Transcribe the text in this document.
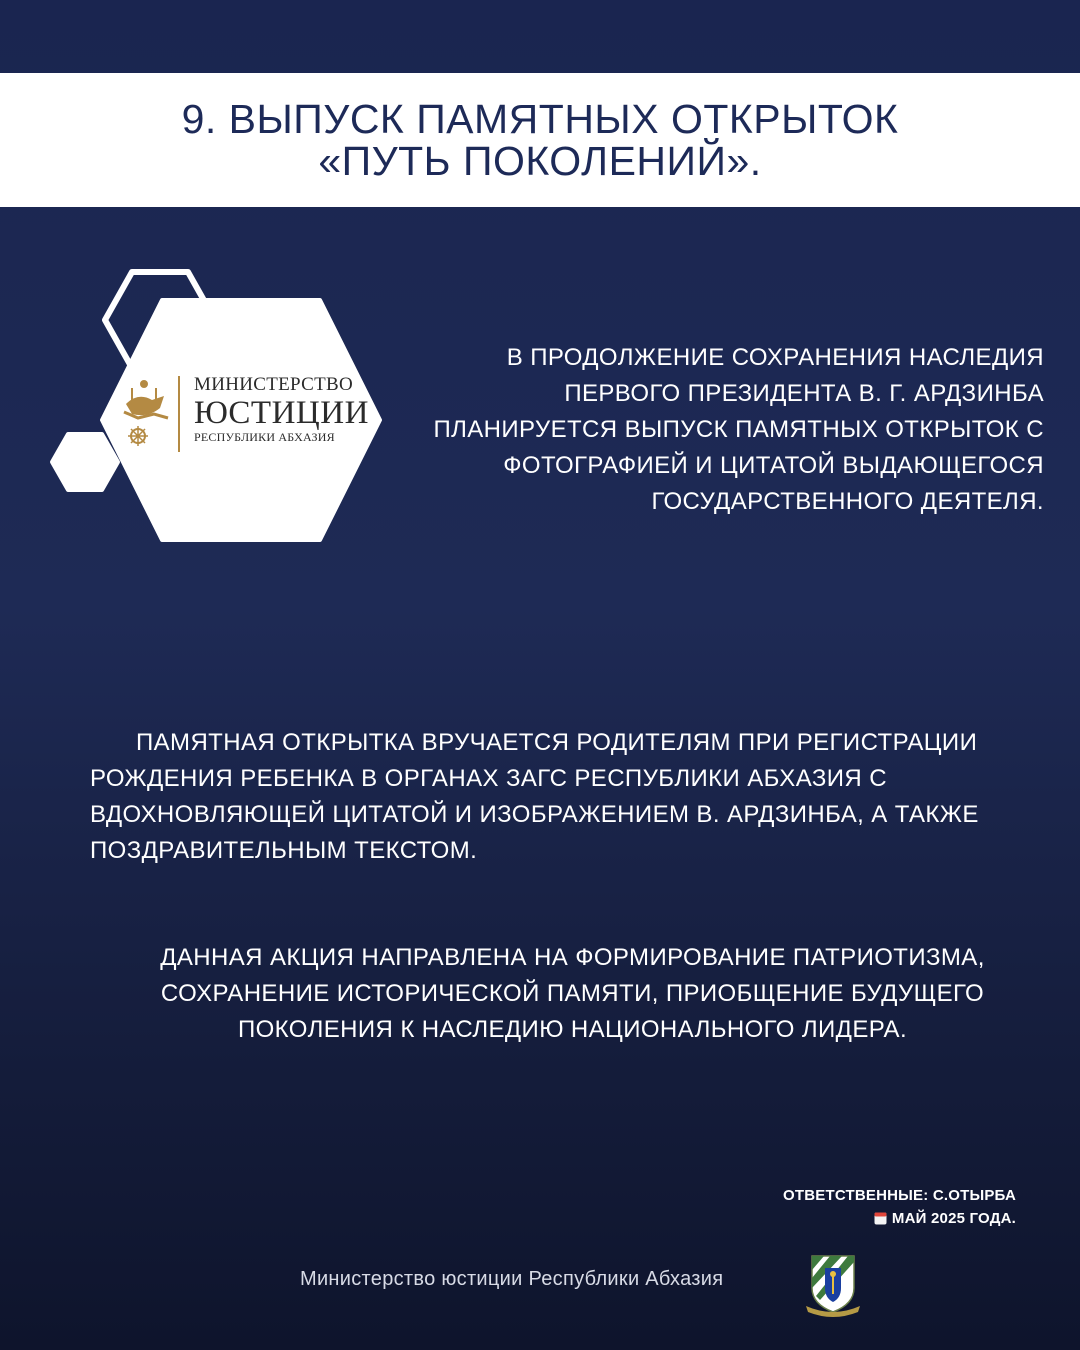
9. ВЫПУСК ПАМЯТНЫХ ОТКРЫТОК
«ПУТЬ ПОКОЛЕНИЙ».
МИНИСТЕРСТВО
ЮСТИЦИИ
РЕСПУБЛИКИ АБХАЗИЯ
В ПРОДОЛЖЕНИЕ СОХРАНЕНИЯ НАСЛЕДИЯ ПЕРВОГО ПРЕЗИДЕНТА В. Г. АРДЗИНБА ПЛАНИРУЕТСЯ ВЫПУСК ПАМЯТНЫХ ОТКРЫТОК С ФОТОГРАФИЕЙ И ЦИТАТОЙ ВЫДАЮЩЕГОСЯ ГОСУДАРСТВЕННОГО ДЕЯТЕЛЯ.
ПАМЯТНАЯ ОТКРЫТКА ВРУЧАЕТСЯ РОДИТЕЛЯМ ПРИ РЕГИСТРАЦИИ РОЖДЕНИЯ РЕБЕНКА В ОРГАНАХ ЗАГС РЕСПУБЛИКИ АБХАЗИЯ С ВДОХНОВЛЯЮЩЕЙ ЦИТАТОЙ И ИЗОБРАЖЕНИЕМ В. АРДЗИНБА, А ТАКЖЕ ПОЗДРАВИТЕЛЬНЫМ ТЕКСТОМ.
ДАННАЯ АКЦИЯ НАПРАВЛЕНА НА ФОРМИРОВАНИЕ ПАТРИОТИЗМА, СОХРАНЕНИЕ ИСТОРИЧЕСКОЙ ПАМЯТИ, ПРИОБЩЕНИЕ БУДУЩЕГО ПОКОЛЕНИЯ К НАСЛЕДИЮ НАЦИОНАЛЬНОГО ЛИДЕРА.
ОТВЕТСТВЕННЫЕ: С.ОТЫРБА
МАЙ 2025 ГОДА.
Министерство юстиции Республики Абхазия
